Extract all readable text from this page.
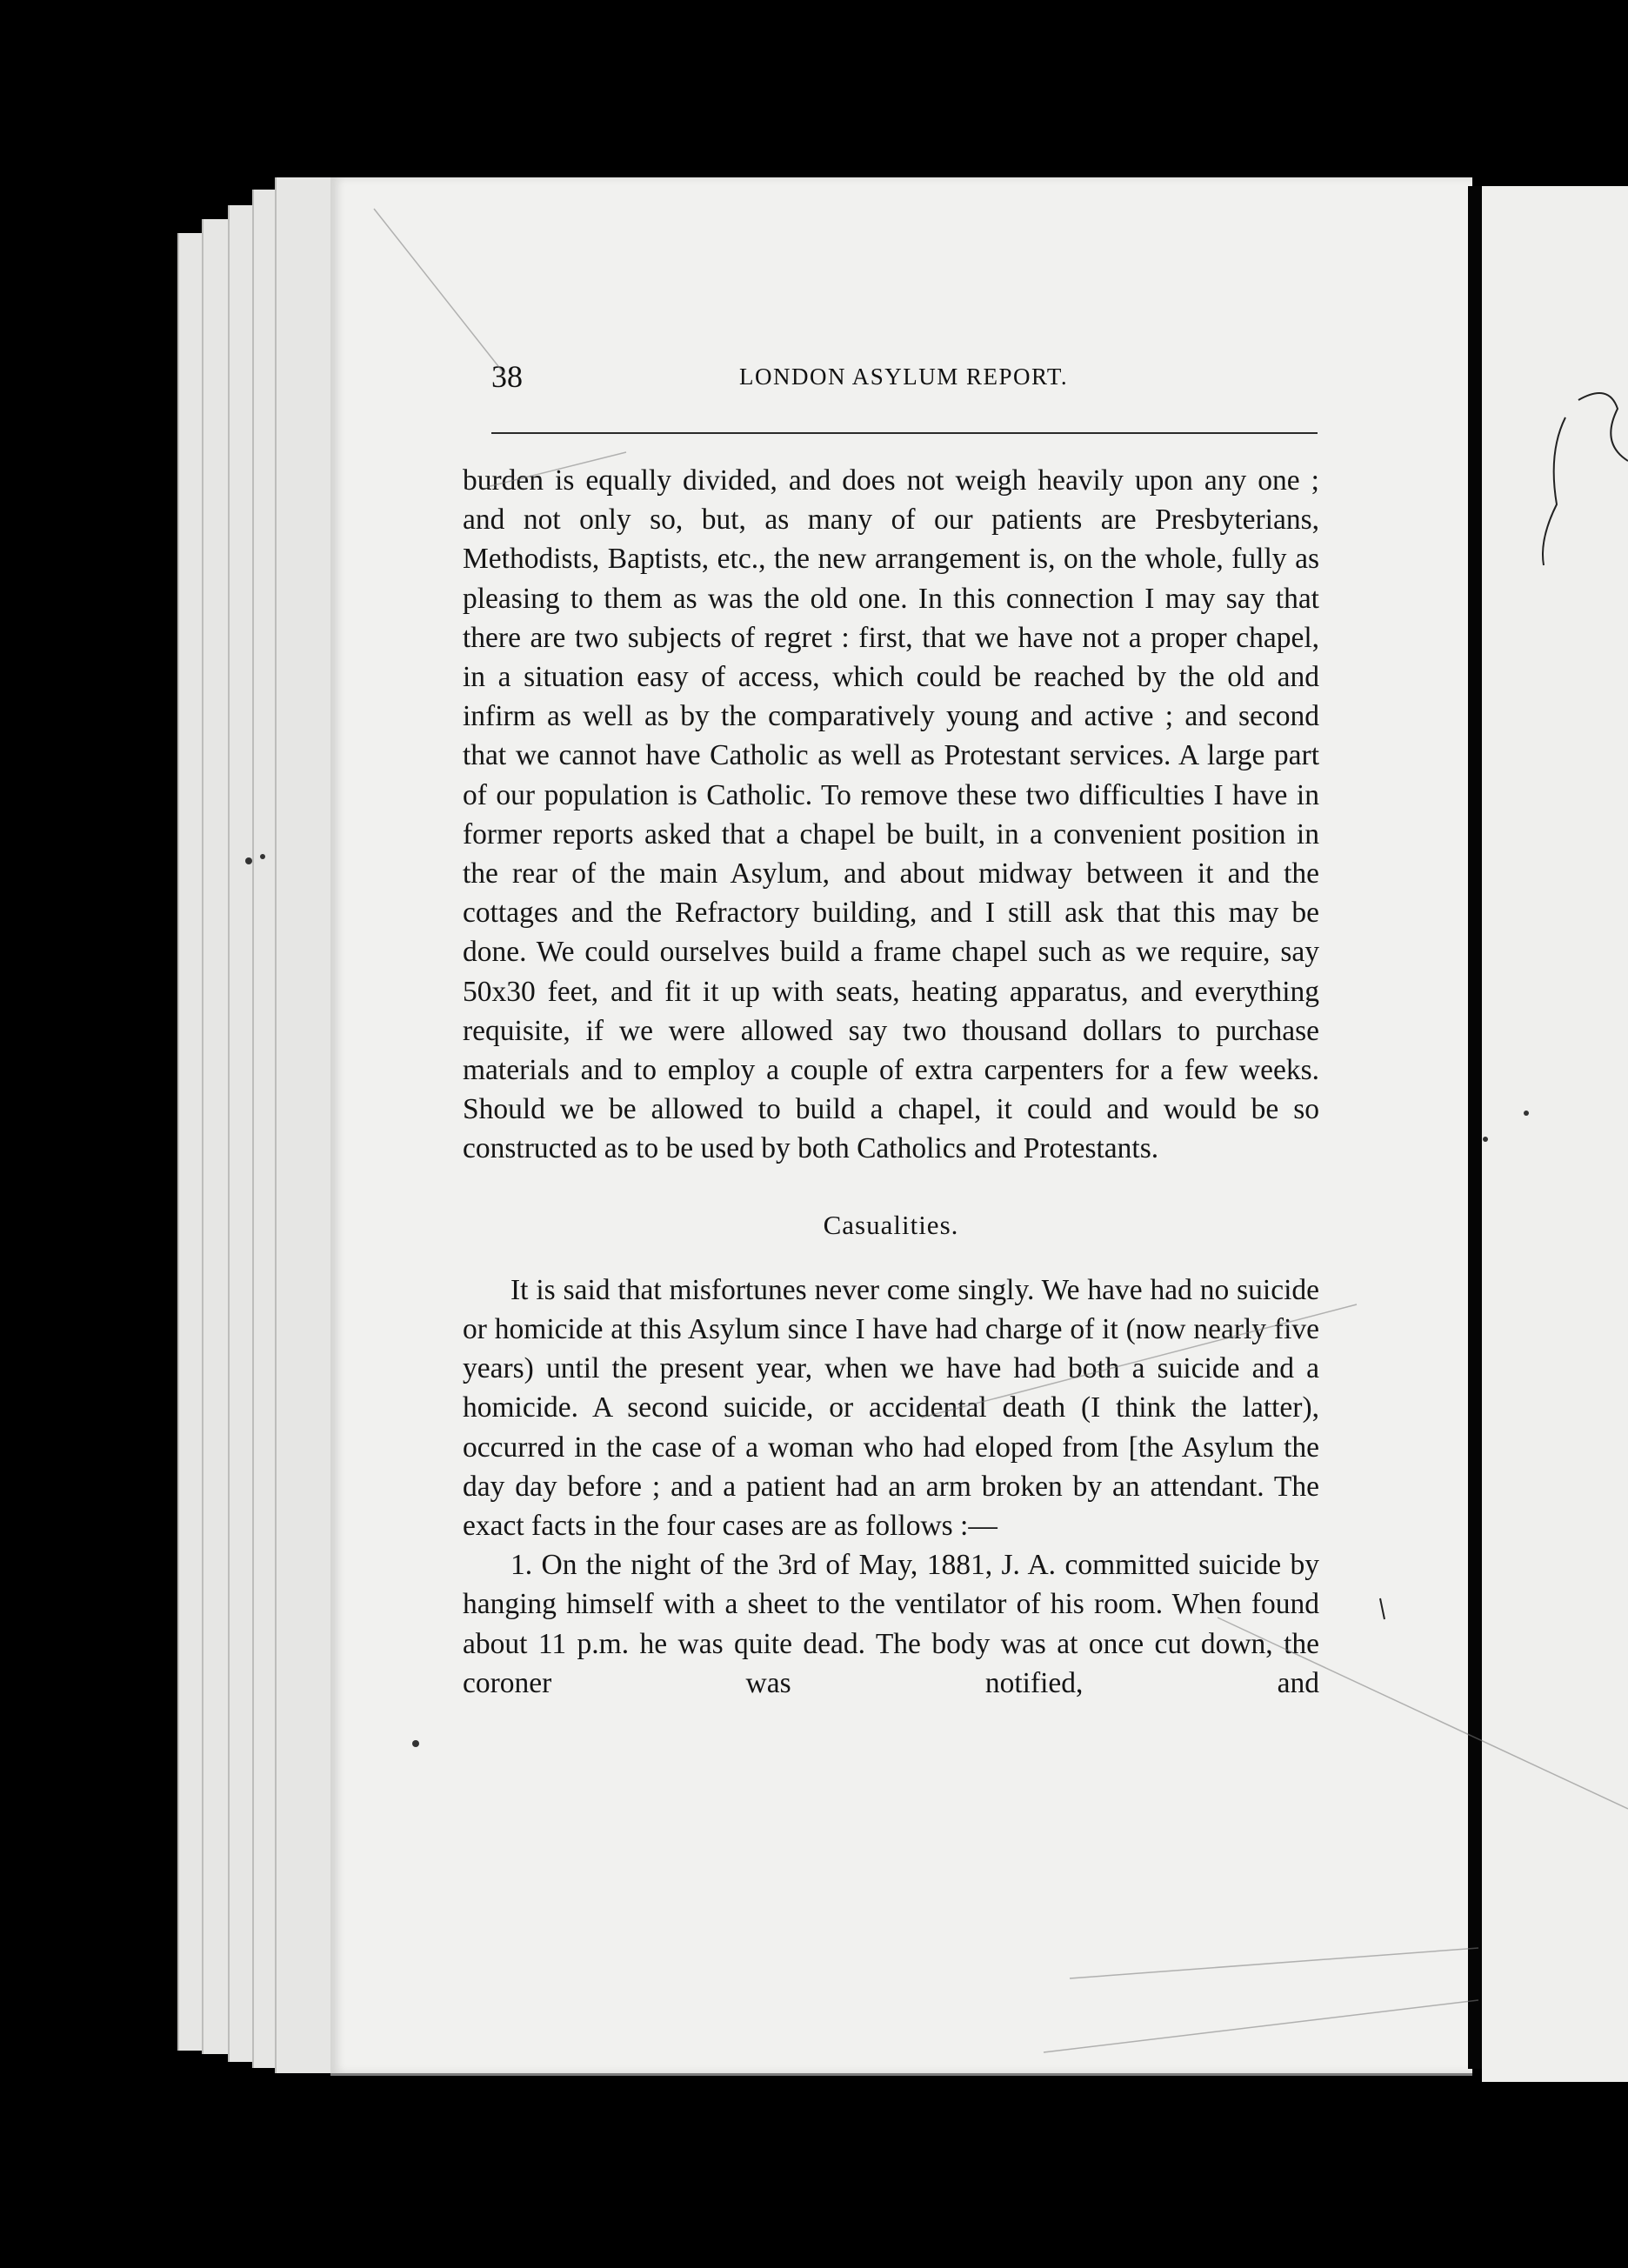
38	LONDON ASYLUM REPORT.

burden is equally divided, and does not weigh heavily upon any one ; and not only so, but, as many of our patients are Presbyterians, Methodists, Baptists, etc., the new arrangement is, on the whole, fully as pleasing to them as was the old one. In this connection I may say that there are two subjects of regret : first, that we have not a proper chapel, in a situation easy of access, which could be reached by the old and infirm as well as by the comparatively young and active ; and second that we cannot have Catholic as well as Protestant services. A large part of our population is Catholic. To remove these two difficulties I have in former reports asked that a chapel be built, in a convenient position in the rear of the main Asylum, and about midway between it and the cottages and the Refractory building, and I still ask that this may be done. We could ourselves build a frame chapel such as we require, say 50x30 feet, and fit it up with seats, heating apparatus, and everything requisite, if we were allowed say two thousand dollars to purchase materials and to employ a couple of extra carpenters for a few weeks. Should we be allowed to build a chapel, it could and would be so constructed as to be used by both Catholics and Protestants.

Casualities.

It is said that misfortunes never come singly. We have had no suicide or homicide at this Asylum since I have had charge of it (now nearly five years) until the present year, when we have had both a suicide and a homicide. A second suicide, or accidental death (I think the latter), occurred in the case of a woman who had eloped from [the Asylum the day day before ; and a patient had an arm broken by an attendant. The exact facts in the four cases are as follows :—

1. On the night of the 3rd of May, 1881, J. A. committed suicide by hanging himself with a sheet to the ventilator of his room. When found about 11 p.m. he was quite dead. The body was at once cut down, the coroner was notified, and
